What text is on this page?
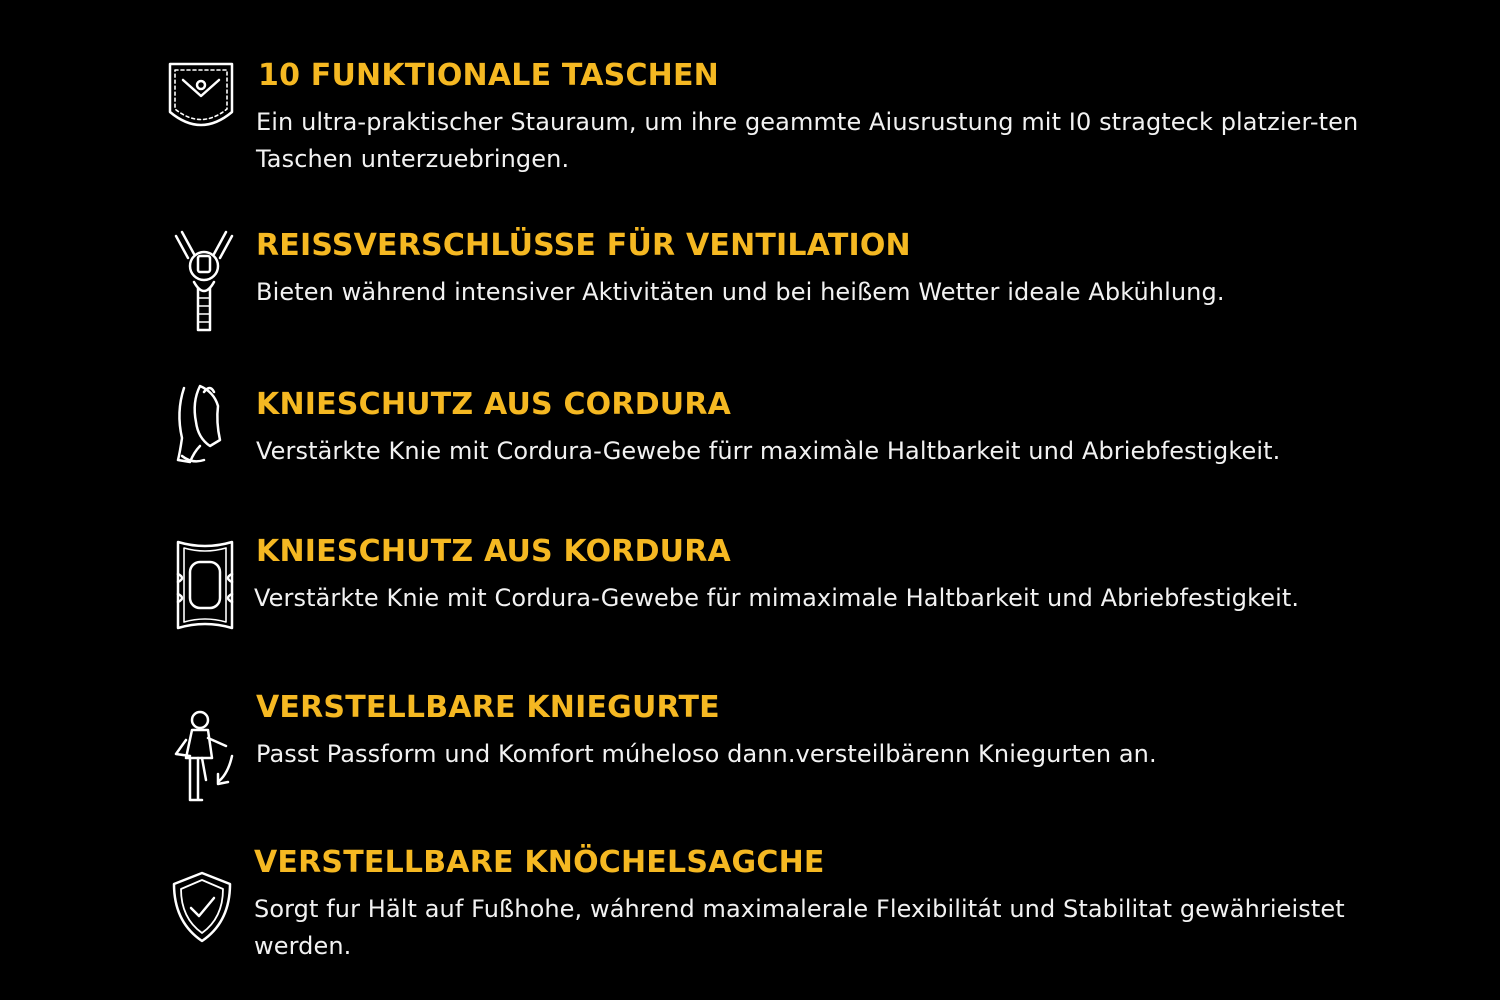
10 FUNKTIONALE TASCHEN

Ein ultra-praktischer Stauraum, um ihre geammte Aiusrustung mit I0 stragteck platzier-ten Taschen unterzuebringen.

REISSVERSCHLÜSSE FÜR VENTILATION

Bieten während intensiver Aktivitäten und bei heißem Wetter ideale Abkühlung.

KNIESCHUTZ AUS CORDURA

Verstärkte Knie mit Cordura-Gewebe fürr maximàle Haltbarkeit und Abriebfestigkeit.

KNIESCHUTZ AUS KORDURA

Verstärkte Knie mit Cordura-Gewebe für mimaximale Haltbarkeit und Abriebfestigkeit.

VERSTELLBARE KNIEGURTE

Passt Passform und Komfort múheloso dann.versteilbärenn Kniegurten an.

VERSTELLBARE KNÖCHELSAGCHE

Sorgt fur Hält auf Fußhohe, wáhrend maximalerale Flexibilitát und Stabilitat gewährieistet werden.
